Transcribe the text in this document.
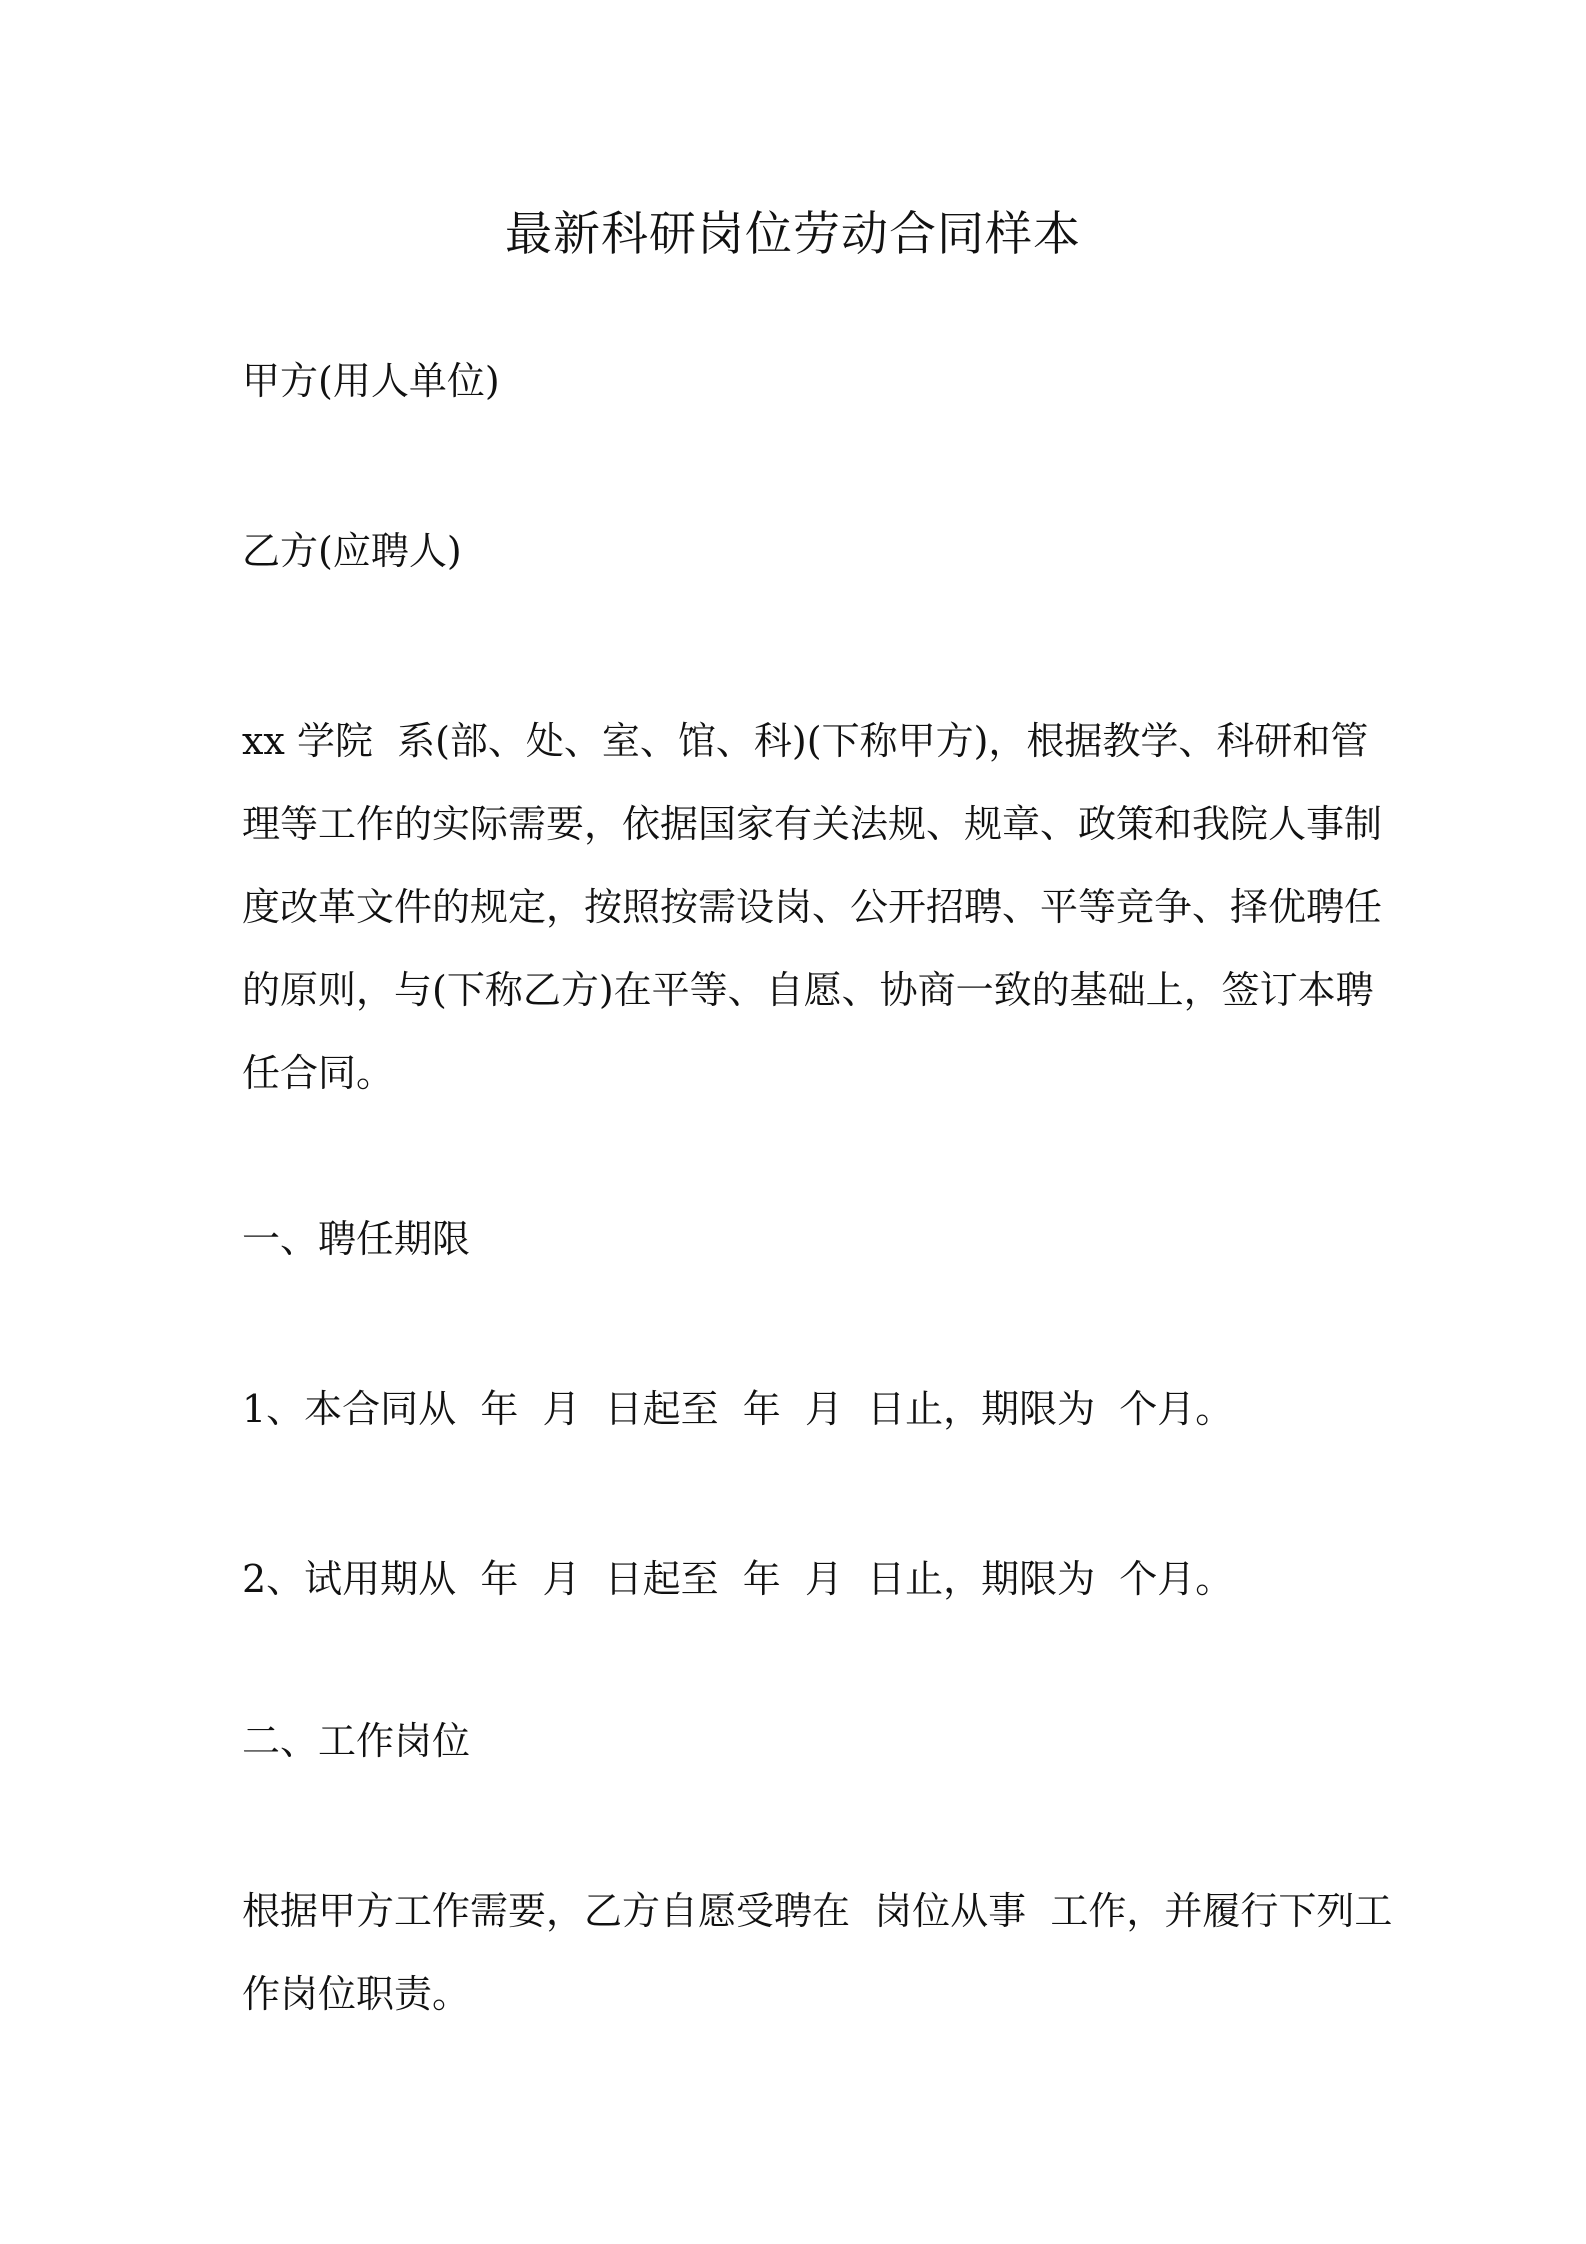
最新科研岗位劳动合同样本

甲方(用人单位)

乙方(应聘人)

xx 学院  系(部、处、室、馆、科)(下称甲方)，根据教学、科研和管
理等工作的实际需要，依据国家有关法规、规章、政策和我院人事制
度改革文件的规定，按照按需设岗、公开招聘、平等竞争、择优聘任
的原则，与(下称乙方)在平等、自愿、协商一致的基础上，签订本聘
任合同。

一、聘任期限

1、本合同从  年  月  日起至  年  月  日止，期限为  个月。

2、试用期从  年  月  日起至  年  月  日止，期限为  个月。

二、工作岗位

根据甲方工作需要，乙方自愿受聘在  岗位从事  工作，并履行下列工
作岗位职责。
